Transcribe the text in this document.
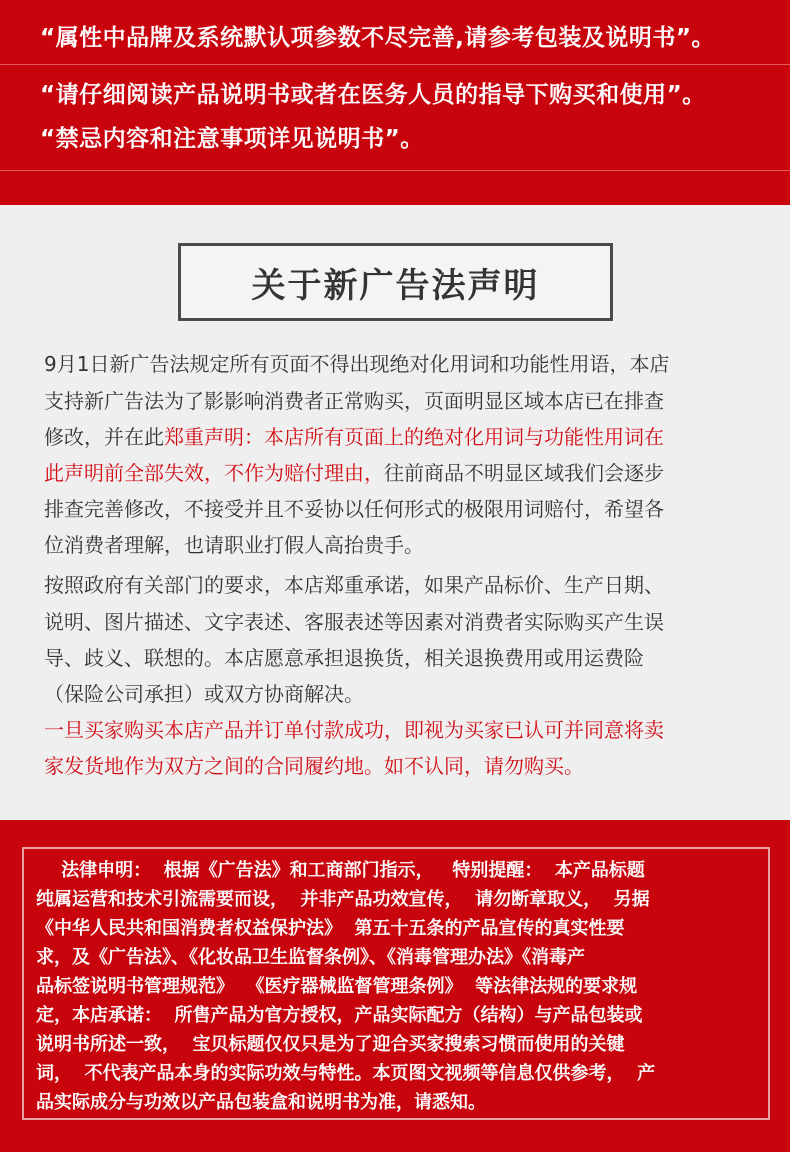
“属性中品牌及系统默认项参数不尽完善,请参考包装及说明书”。
“请仔细阅读产品说明书或者在医务人员的指导下购买和使用”。
“禁忌内容和注意事项详见说明书”。
关于新广告法声明
9月1日新广告法规定所有页面不得出现绝对化用词和功能性用语，本店
支持新广告法为了影影响消费者正常购买，页面明显区域本店已在排查
修改，并在此郑重声明：本店所有页面上的绝对化用词与功能性用词在
此声明前全部失效，不作为赔付理由，往前商品不明显区域我们会逐步
排查完善修改，不接受并且不妥协以任何形式的极限用词赔付，希望各
位消费者理解，也请职业打假人高抬贵手。
按照政府有关部门的要求，本店郑重承诺，如果产品标价、生产日期、
说明、图片描述、文字表述、客服表述等因素对消费者实际购买产生误
导、歧义、联想的。本店愿意承担退换货，相关退换费用或用运费险
（保险公司承担）或双方协商解决。
一旦买家购买本店产品并订单付款成功，即视为买家已认可并同意将卖
家发货地作为双方之间的合同履约地。如不认同，请勿购买。
法律申明：  根据《广告法》和工商部门指示，   特别提醒：  本产品标题
纯属运营和技术引流需要而设，  并非产品功效宣传，  请勿断章取义，  另据
《中华人民共和国消费者权益保护法》  第五十五条的产品宣传的真实性要
求，及《广告法》、《化妆品卫生监督条例》、《消毒管理办法》《消毒产
品标签说明书管理规范》  《医疗器械监督管理条例》  等法律法规的要求规
定，本店承诺：  所售产品为官方授权，产品实际配方（结构）与产品包装或
说明书所述一致，  宝贝标题仅仅只是为了迎合买家搜索习惯而使用的关键
词，  不代表产品本身的实际功效与特性。本页图文视频等信息仅供参考，  产
品实际成分与功效以产品包装盒和说明书为准，请悉知。
